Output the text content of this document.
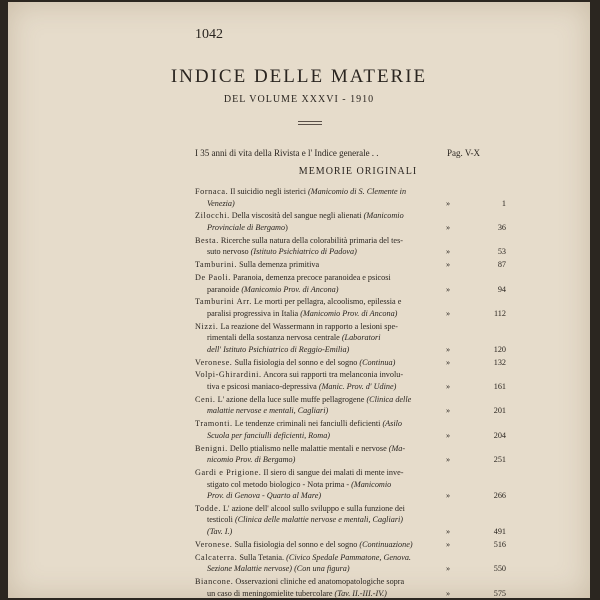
1042
INDICE DELLE MATERIE
DEL VOLUME XXXVI - 1910
I 35 anni di vita della Rivista e l' Indice generale . .	Pag. V-X
MEMORIE ORIGINALI
Fornaca. Il suicidio negli isterici (Manicomio di S. Clemente in
Venezia)	»	1
Zilocchi. Della viscosità del sangue negli alienati (Manicomio
Provinciale di Bergamo)	»	36
Besta. Ricerche sulla natura della colorabilità primaria del tes-
suto nervoso (Istituto Psichiatrico di Padova)	»	53
Tamburini. Sulla demenza primitiva	»	87
De Paoli. Paranoia, demenza precoce paranoidea e psicosi
paranoide (Manicomio Prov. di Ancona)	»	94
Tamburini Arr. Le morti per pellagra, alcoolismo, epilessia e
paralisi progressiva in Italia (Manicomio Prov. di Ancona)	»	112
Nizzi. La reazione del Wassermann in rapporto a lesioni spe-
rimentali della sostanza nervosa centrale (Laboratori
dell' Istituto Psichiatrico di Reggio-Emilia)	»	120
Veronese. Sulla fisiologia del sonno e del sogno (Continua)	»	132
Volpi-Ghirardini. Ancora sui rapporti tra melanconia involu-
tiva e psicosi maniaco-depressiva (Manic. Prov. d' Udine)	»	161
Ceni. L' azione della luce sulle muffe pellagrogene (Clinica delle
malattie nervose e mentali, Cagliari)	»	201
Tramonti. Le tendenze criminali nei fanciulli deficienti (Asilo
Scuola per fanciulli deficienti, Roma)	»	204
Benigni. Dello ptialismo nelle malattie mentali e nervose (Ma-
nicomio Prov. di Bergamo)	»	251
Gardi e Prigione. Il siero di sangue dei malati di mente inve-
stigato col metodo biologico - Nota prima - (Manicomio
Prov. di Genova - Quarto al Mare)	»	266
Todde. L' azione dell' alcool sullo sviluppo e sulla funzione dei
testicoli (Clinica delle malattie nervose e mentali, Cagliari)
(Tav. I.)	»	491
Veronese. Sulla fisiologia del sonno e del sogno (Continuazione)	»	516
Calcaterra. Sulla Tetania. (Civico Spedale Pammatone, Genova.
Sezione Malattie nervose) (Con una figura)	»	550
Biancone. Osservazioni cliniche ed anatomopatologiche sopra
un caso di meningomielite tubercolare (Tav. II.-III.-IV.)	»	575
